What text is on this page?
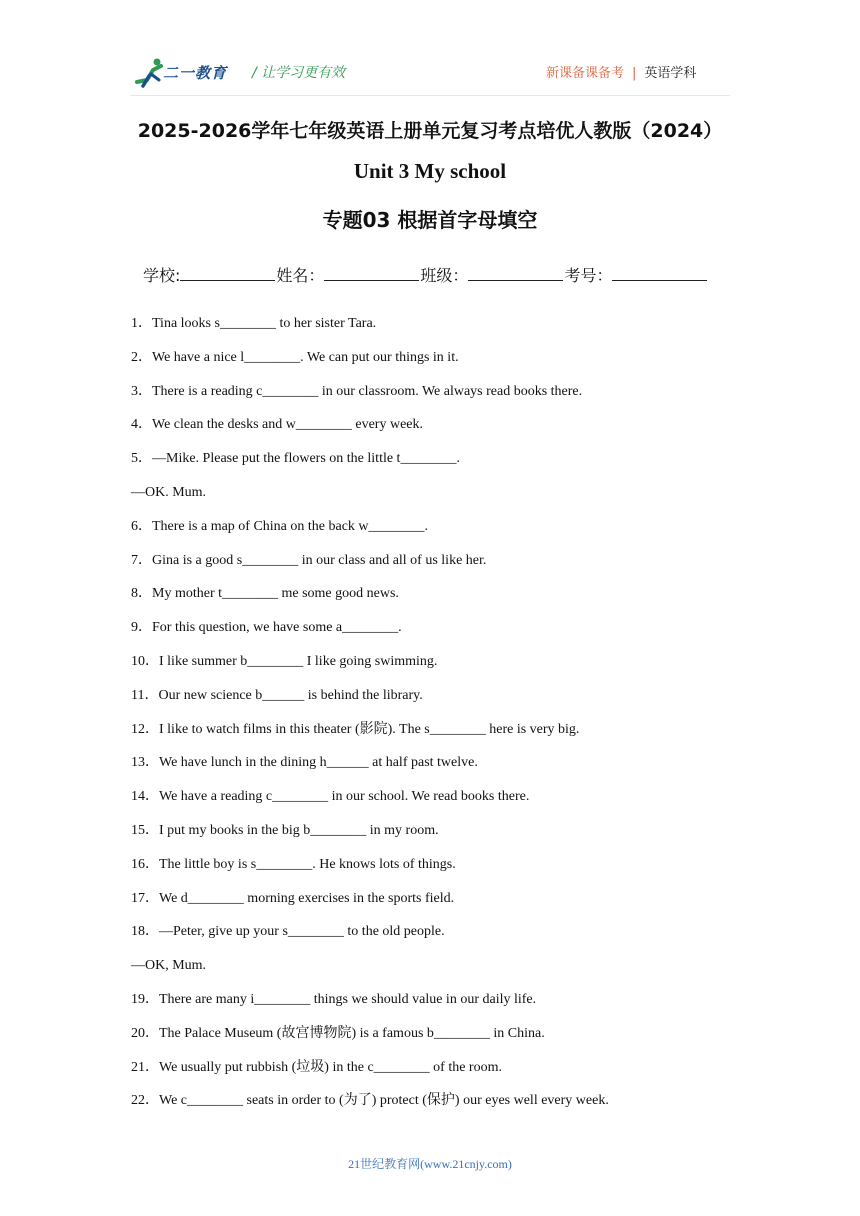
二一教育 / 让学习更有效	新课备课备考 | 英语学科
2025-2026学年七年级英语上册单元复习考点培优人教版（2024）
Unit 3 My school
专题03 根据首字母填空
学校:	姓名：	班级：	考号：
1．Tina looks s________ to her sister Tara.
2．We have a nice l________. We can put our things in it.
3．There is a reading c________ in our classroom. We always read books there.
4．We clean the desks and w________ every week.
5．—Mike. Please put the flowers on the little t________.
—OK. Mum.
6．There is a map of China on the back w________.
7．Gina is a good s________ in our class and all of us like her.
8．My mother t________ me some good news.
9．For this question, we have some a________.
10．I like summer b________ I like going swimming.
11．Our new science b______ is behind the library.
12．I like to watch films in this theater (影院). The s________ here is very big.
13．We have lunch in the dining h______ at half past twelve.
14．We have a reading c________ in our school. We read books there.
15．I put my books in the big b________ in my room.
16．The little boy is s________. He knows lots of things.
17．We d________ morning exercises in the sports field.
18．—Peter, give up your s________ to the old people.
—OK, Mum.
19．There are many i________ things we should value in our daily life.
20．The Palace Museum (故宫博物院) is a famous b________ in China.
21．We usually put rubbish (垃圾) in the c________ of the room.
22．We c________ seats in order to (为了) protect (保护) our eyes well every week.
21世纪教育网(www.21cnjy.com)
